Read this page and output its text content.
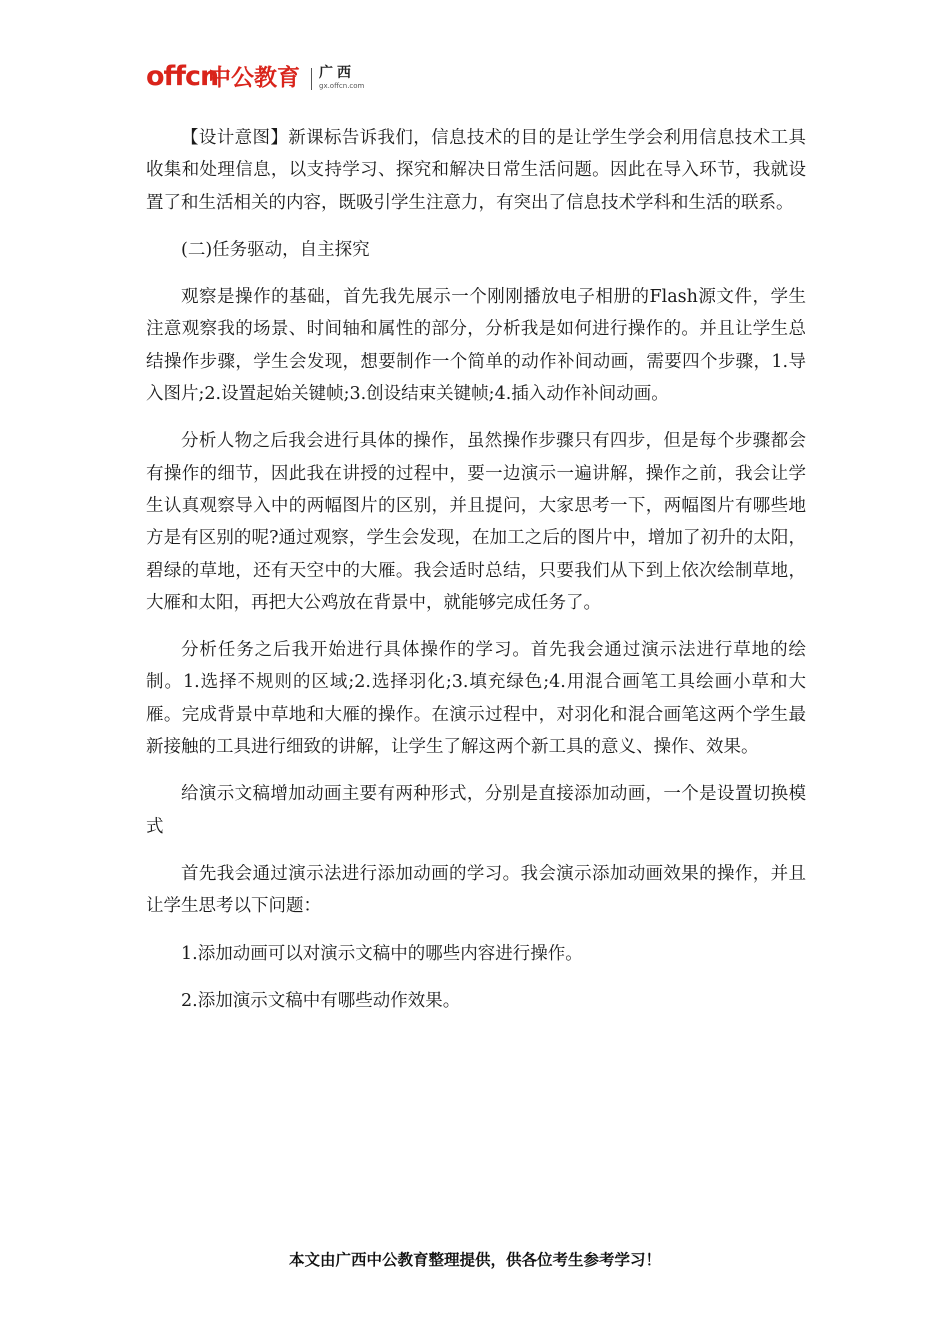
offcn
中公教育 广西
gx.offcn.com

【设计意图】新课标告诉我们，信息技术的目的是让学生学会利用信息技术工具收集和处理信息，以支持学习、探究和解决日常生活问题。因此在导入环节，我就设置了和生活相关的内容，既吸引学生注意力，有突出了信息技术学科和生活的联系。

(二)任务驱动，自主探究

观察是操作的基础，首先我先展示一个刚刚播放电子相册的Flash源文件，学生注意观察我的场景、时间轴和属性的部分，分析我是如何进行操作的。并且让学生总结操作步骤，学生会发现，想要制作一个简单的动作补间动画，需要四个步骤，1.导入图片;2.设置起始关键帧;3.创设结束关键帧;4.插入动作补间动画。

分析人物之后我会进行具体的操作，虽然操作步骤只有四步，但是每个步骤都会有操作的细节，因此我在讲授的过程中，要一边演示一遍讲解，操作之前，我会让学生认真观察导入中的两幅图片的区别，并且提问，大家思考一下，两幅图片有哪些地方是有区别的呢?通过观察，学生会发现，在加工之后的图片中，增加了初升的太阳，碧绿的草地，还有天空中的大雁。我会适时总结，只要我们从下到上依次绘制草地，大雁和太阳，再把大公鸡放在背景中，就能够完成任务了。

分析任务之后我开始进行具体操作的学习。首先我会通过演示法进行草地的绘制。1.选择不规则的区域;2.选择羽化;3.填充绿色;4.用混合画笔工具绘画小草和大雁。完成背景中草地和大雁的操作。在演示过程中，对羽化和混合画笔这两个学生最新接触的工具进行细致的讲解，让学生了解这两个新工具的意义、操作、效果。

给演示文稿增加动画主要有两种形式，分别是直接添加动画，一个是设置切换模式

首先我会通过演示法进行添加动画的学习。我会演示添加动画效果的操作，并且让学生思考以下问题：

1.添加动画可以对演示文稿中的哪些内容进行操作。

2.添加演示文稿中有哪些动作效果。

本文由广西中公教育整理提供，供各位考生参考学习！
